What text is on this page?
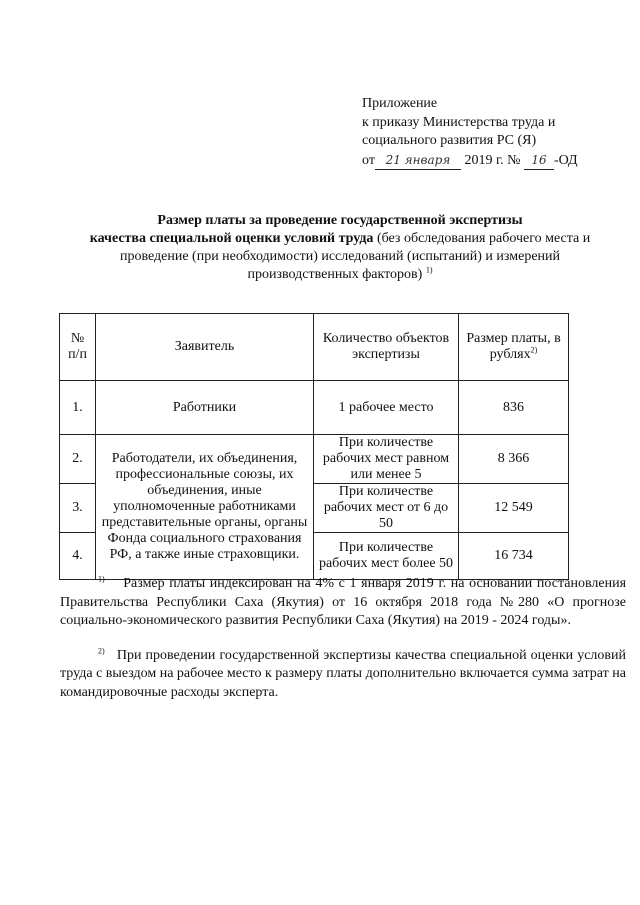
Приложение
к приказу Министерства труда и
социального развития РС (Я)
от 21 января 2019 г. № 16 -ОД
Размер платы за проведение государственной экспертизы
качества специальной оценки условий труда (без обследования рабочего места и
проведение (при необходимости) исследований (испытаний) и измерений
производственных факторов) $^{1)}$
№
п/п	Заявитель	Количество объектов экспертизы	Размер платы, в рублях$^{2)}$
1.	Работники	1 рабочее место	836
2.	Работодатели, их объединения, профессиональные союзы, их объединения, иные уполномоченные работниками представительные органы, органы Фонда социального страхования РФ, а также иные страховщики.	При количестве рабочих мест равном или менее 5	8 366
3.		При количестве рабочих мест от 6 до 50	12 549
4.		При количестве рабочих мест более 50	16 734

$^{1)}$ Размер платы индексирован на 4% с 1 января 2019 г. на основании постановления Правительства Республики Саха (Якутия) от 16 октября 2018 года №280 «О прогнозе социально-экономического развития Республики Саха (Якутия) на 2019 - 2024 годы».

$^{2)}$ При проведении государственной экспертизы качества специальной оценки условий труда с выездом на рабочее место к размеру платы дополнительно включается сумма затрат на командировочные расходы эксперта.
